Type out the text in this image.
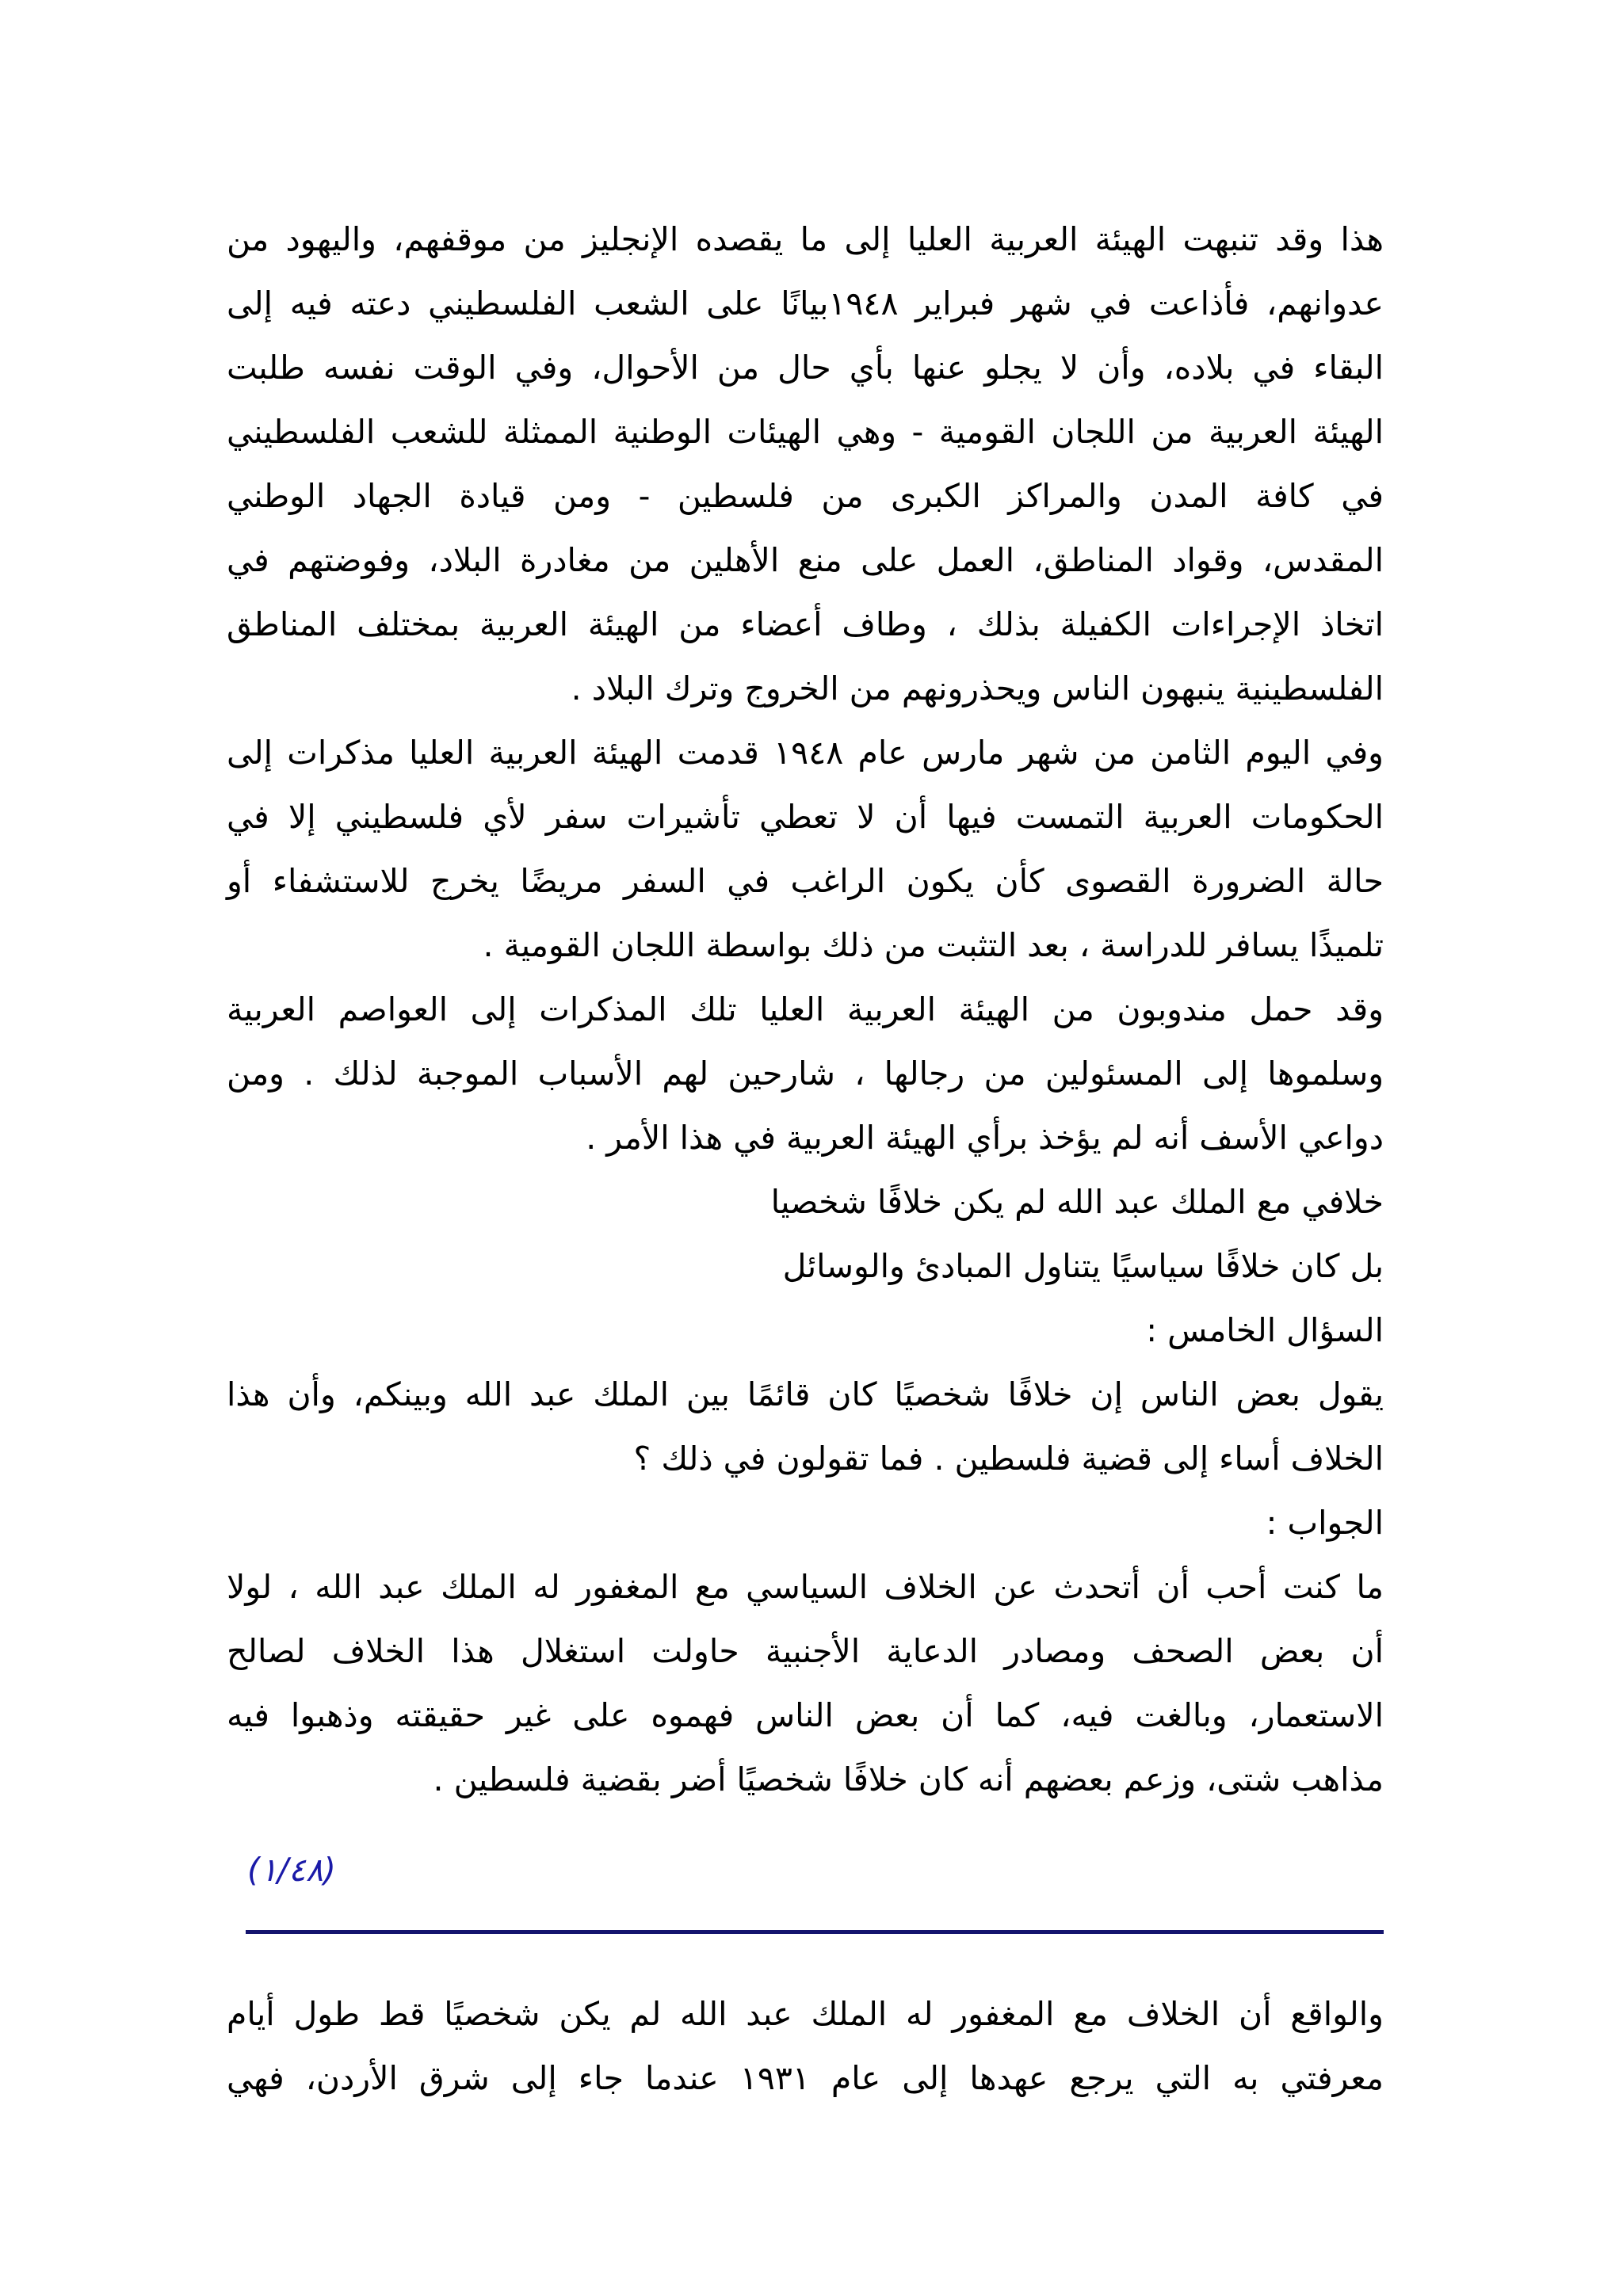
هذا وقد تنبهت الهيئة العربية العليا إلى ما يقصده الإنجليز من موقفهم، واليهود من
عدوانهم، فأذاعت في شهر فبراير ١٩٤٨بيانًا على الشعب الفلسطيني دعته فيه إلى
البقاء في بلاده، وأن لا يجلو عنها بأي حال من الأحوال، وفي الوقت نفسه طلبت
الهيئة العربية من اللجان القومية - وهي الهيئات الوطنية الممثلة للشعب الفلسطيني
في كافة المدن والمراكز الكبرى من فلسطين - ومن قيادة الجهاد الوطني
المقدس، وقواد المناطق، العمل على منع الأهلين من مغادرة البلاد، وفوضتهم في
اتخاذ الإجراءات الكفيلة بذلك ، وطاف أعضاء من الهيئة العربية بمختلف المناطق
الفلسطينية ينبهون الناس ويحذرونهم من الخروج وترك البلاد .
وفي اليوم الثامن من شهر مارس عام ١٩٤٨ قدمت الهيئة العربية العليا مذكرات إلى
الحكومات العربية التمست فيها أن لا تعطي تأشيرات سفر لأي فلسطيني إلا في
حالة الضرورة القصوى كأن يكون الراغب في السفر مريضًا يخرج للاستشفاء أو
تلميذًا يسافر للدراسة ، بعد التثبت من ذلك بواسطة اللجان القومية .
وقد حمل مندوبون من الهيئة العربية العليا تلك المذكرات إلى العواصم العربية
وسلموها إلى المسئولين من رجالها ، شارحين لهم الأسباب الموجبة لذلك . ومن
دواعي الأسف أنه لم يؤخذ برأي الهيئة العربية في هذا الأمر .
خلافي مع الملك عبد الله لم يكن خلافًا شخصيا
بل كان خلافًا سياسيًا يتناول المبادئ والوسائل
السؤال الخامس :
يقول بعض الناس إن خلافًا شخصيًا كان قائمًا بين الملك عبد الله وبينكم، وأن هذا
الخلاف أساء إلى قضية فلسطين . فما تقولون في ذلك ؟
الجواب :
ما كنت أحب أن أتحدث عن الخلاف السياسي مع المغفور له الملك عبد الله ، لولا
أن بعض الصحف ومصادر الدعاية الأجنبية حاولت استغلال هذا الخلاف لصالح
الاستعمار، وبالغت فيه، كما أن بعض الناس فهموه على غير حقيقته وذهبوا فيه
مذاهب شتى، وزعم بعضهم أنه كان خلافًا شخصيًا أضر بقضية فلسطين .
(١/٤٨)
والواقع أن الخلاف مع المغفور له الملك عبد الله لم يكن شخصيًا قط طول أيام
معرفتي به التي يرجع عهدها إلى عام ١٩٣١ عندما جاء إلى شرق الأردن، فهي
